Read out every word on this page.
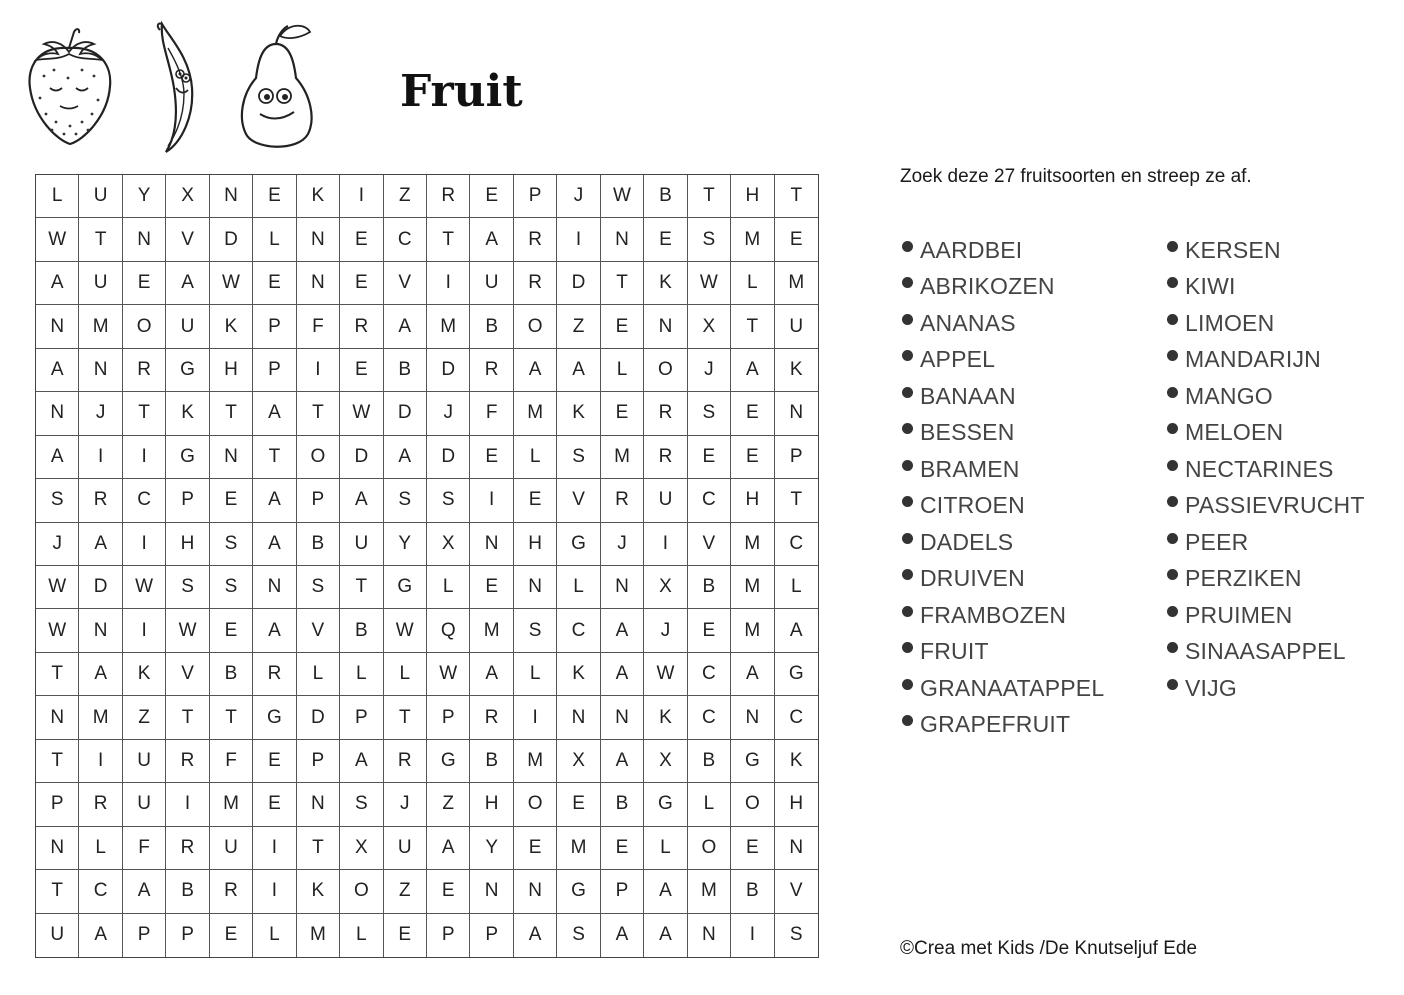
Fruit
L	U	Y	X	N	E	K	I	Z	R	E	P	J	W	B	T	H	T
W	T	N	V	D	L	N	E	C	T	A	R	I	N	E	S	M	E
A	U	E	A	W	E	N	E	V	I	U	R	D	T	K	W	L	M
N	M	O	U	K	P	F	R	A	M	B	O	Z	E	N	X	T	U
A	N	R	G	H	P	I	E	B	D	R	A	A	L	O	J	A	K
N	J	T	K	T	A	T	W	D	J	F	M	K	E	R	S	E	N
A	I	I	G	N	T	O	D	A	D	E	L	S	M	R	E	E	P
S	R	C	P	E	A	P	A	S	S	I	E	V	R	U	C	H	T
J	A	I	H	S	A	B	U	Y	X	N	H	G	J	I	V	M	C
W	D	W	S	S	N	S	T	G	L	E	N	L	N	X	B	M	L
W	N	I	W	E	A	V	B	W	Q	M	S	C	A	J	E	M	A
T	A	K	V	B	R	L	L	L	W	A	L	K	A	W	C	A	G
N	M	Z	T	T	G	D	P	T	P	R	I	N	N	K	C	N	C
T	I	U	R	F	E	P	A	R	G	B	M	X	A	X	B	G	K
P	R	U	I	M	E	N	S	J	Z	H	O	E	B	G	L	O	H
N	L	F	R	U	I	T	X	U	A	Y	E	M	E	L	O	E	N
T	C	A	B	R	I	K	O	Z	E	N	N	G	P	A	M	B	V
U	A	P	P	E	L	M	L	E	P	P	A	S	A	A	N	I	S
Zoek deze 27 fruitsoorten en streep ze af.
AARDBEI
ABRIKOZEN
ANANAS
APPEL
BANAAN
BESSEN
BRAMEN
CITROEN
DADELS
DRUIVEN
FRAMBOZEN
FRUIT
GRANAATAPPEL
GRAPEFRUIT
KERSEN
KIWI
LIMOEN
MANDARIJN
MANGO
MELOEN
NECTARINES
PASSIEVRUCHT
PEER
PERZIKEN
PRUIMEN
SINAASAPPEL
VIJG
©Crea met Kids /De Knutseljuf Ede
